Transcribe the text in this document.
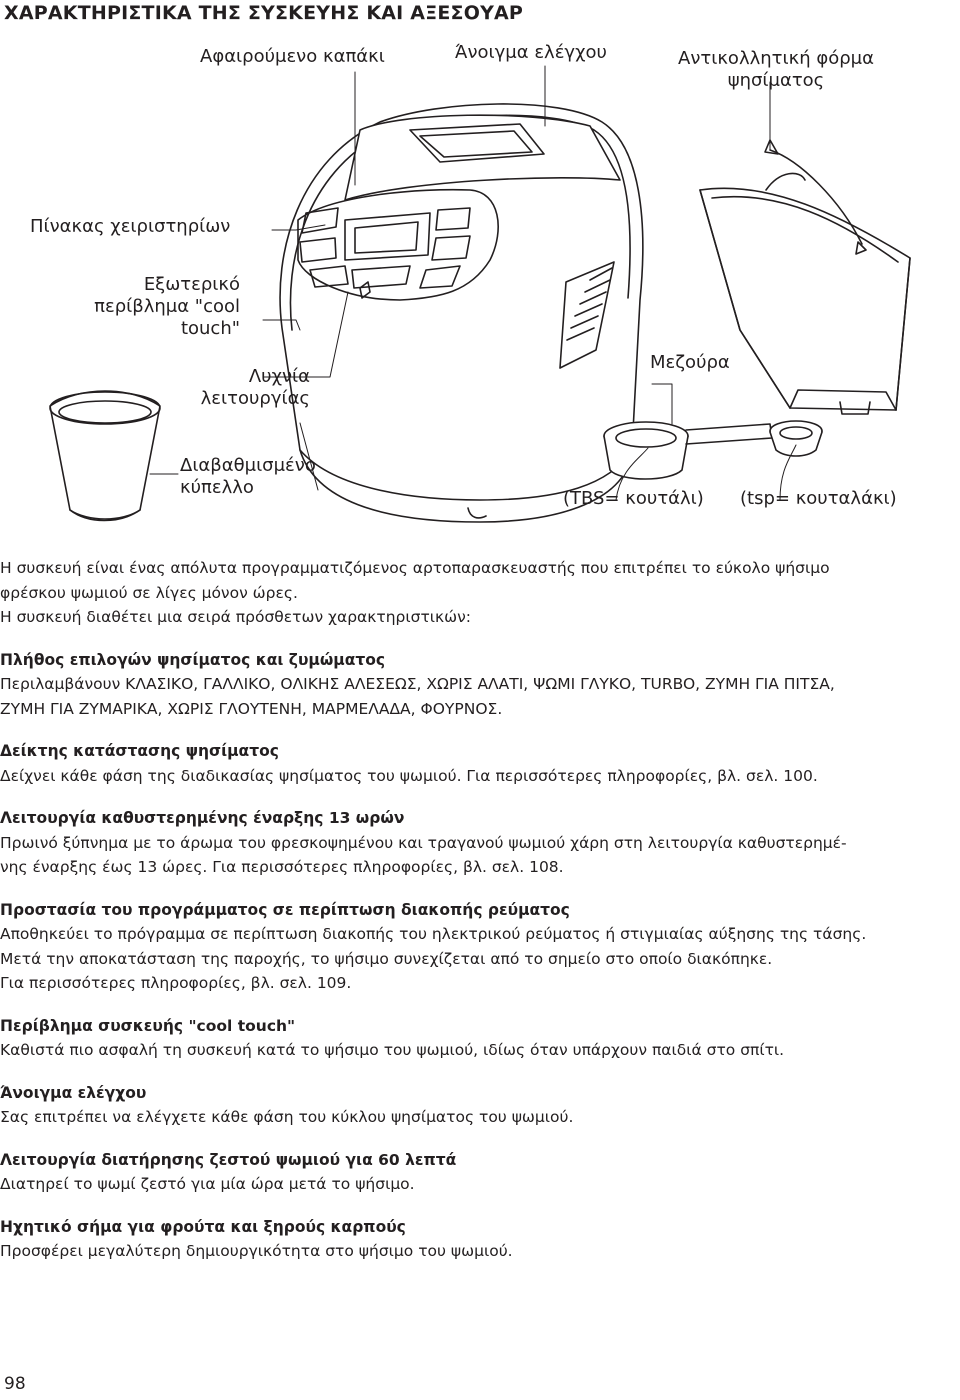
ΧΑΡΑΚΤΗΡΙΣΤΙΚΑ ΤΗΣ ΣΥΣΚΕΥΗΣ ΚΑΙ ΑΞΕΣΟΥΑΡ
Αφαιρούμενο καπάκι	Άνοιγμα ελέγχου	Αντικολλητική φόρμα
ψησίματος
Πίνακας χειριστηρίων
Εξωτερικό
περίβλημα "cool
touch"
Λυχνία
λειτουργίας
Μεζούρα
Διαβαθμισμένο
κύπελλο
(TBS= κουτάλι) (tsp= κουταλάκι)

Η συσκευή είναι ένας απόλυτα προγραμματιζόμενος αρτοπαρασκευαστής που επιτρέπει το εύκολο ψήσιμο

φρέσκου ψωμιού σε λίγες μόνον ώρες.

Η συσκευή διαθέτει μια σειρά πρόσθετων χαρακτηριστικών:

Πλήθος επιλογών ψησίματος και ζυμώματος

Περιλαμβάνουν ΚΛΑΣΙΚΟ, ΓΑΛΛΙΚΟ, ΟΛΙΚΗΣ ΑΛΕΣΕΩΣ, ΧΩΡΙΣ ΑΛΑΤΙ, ΨΩΜΙ ΓΛΥΚΟ, TURBO, ΖΥΜΗ ΓΙΑ ΠΙΤΣΑ,

ΖΥΜΗ ΓΙΑ ΖΥΜΑΡΙΚΑ, ΧΩΡΙΣ ΓΛΟΥΤΕΝΗ, ΜΑΡΜΕΛΑΔΑ, ΦΟΥΡΝΟΣ.

Δείκτης κατάστασης ψησίματος

Δείχνει κάθε φάση της διαδικασίας ψησίματος του ψωμιού. Για περισσότερες πληροφορίες, βλ. σελ. 100.

Λειτουργία καθυστερημένης έναρξης 13 ωρών

Πρωινό ξύπνημα με το άρωμα του φρεσκοψημένου και τραγανού ψωμιού χάρη στη λειτουργία καθυστερημέ-

νης έναρξης έως 13 ώρες. Για περισσότερες πληροφορίες, βλ. σελ. 108.

Προστασία του προγράμματος σε περίπτωση διακοπής ρεύματος

Αποθηκεύει το πρόγραμμα σε περίπτωση διακοπής του ηλεκτρικού ρεύματος ή στιγμιαίας αύξησης της τάσης.

Μετά την αποκατάσταση της παροχής, το ψήσιμο συνεχίζεται από το σημείο στο οποίο διακόπηκε.

Για περισσότερες πληροφορίες, βλ. σελ. 109.

Περίβλημα συσκευής "cool touch"

Καθιστά πιο ασφαλή τη συσκευή κατά το ψήσιμο του ψωμιού, ιδίως όταν υπάρχουν παιδιά στο σπίτι.

Άνοιγμα ελέγχου

Σας επιτρέπει να ελέγχετε κάθε φάση του κύκλου ψησίματος του ψωμιού.

Λειτουργία διατήρησης ζεστού ψωμιού για 60 λεπτά

Διατηρεί το ψωμί ζεστό για μία ώρα μετά το ψήσιμο.

Ηχητικό σήμα για φρούτα και ξηρούς καρπούς

Προσφέρει μεγαλύτερη δημιουργικότητα στο ψήσιμο του ψωμιού.

98
